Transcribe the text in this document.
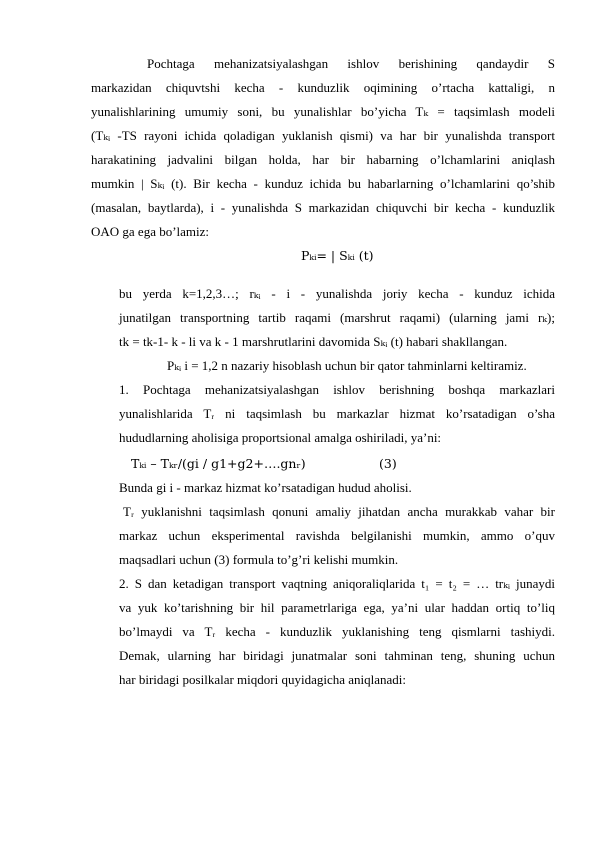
Pochtaga mehanizatsiyalashgan ishlov berishining qandaydir S

markazidan chiquvtshi kecha - kunduzlik oqimining o’rtacha kattaligi, n

yunalishlarining umumiy soni, bu yunalishlar bo’yicha Tₖ = taqsimlash modeli

(Tₖᵢ -TS rayoni ichida qoladigan yuklanish qismi) va har bir yunalishda transport

harakatining jadvalini bilgan holda, har bir habarning o’lchamlarini aniqlash

mumkin | Sₖᵢ (t). Bir kecha - kunduz ichida bu habarlarning o’lchamlarini qo’shib

(masalan, baytlarda), i - yunalishda S markazidan chiquvchi bir kecha - kunduzlik

OAO ga ega bo’lamiz:

Pₖᵢ= | Sₖᵢ (t)

bu yerda k=1,2,3…; rₖᵢ - i - yunalishda joriy kecha - kunduz ichida

junatilgan transportning tartib raqami (marshrut raqami) (ularning jami rₖ);

tk = tk-1- k - li va k - 1 marshrutlarini davomida Sₖᵢ (t) habari shakllangan.

Pₖᵢ i = 1,2 n nazariy hisoblash uchun bir qator tahminlarni keltiramiz.

1. Pochtaga mehanizatsiyalashgan ishlov berishning boshqa markazlari

yunalishlarida Tᵣ ni taqsimlash bu markazlar hizmat ko’rsatadigan o’sha

hududlarning aholisiga proportsional amalga oshiriladi, ya’ni:

Tₖᵢ – Tₖᵣ/(gi / g1+g2+….gnᵣ)	(3)

Bunda gi i - markaz hizmat ko’rsatadigan hudud aholisi.

Tᵣ yuklanishni taqsimlash qonuni amaliy jihatdan ancha murakkab vahar bir

markaz uchun eksperimental ravishda belgilanishi mumkin, ammo o’quv

maqsadlari uchun (3) formula to’g’ri kelishi mumkin.

2. S dan ketadigan transport vaqtning aniqoraliqlarida t₁ = t₂ = … trₖᵢ junaydi

va yuk ko’tarishning bir hil parametrlariga ega, ya’ni ular haddan ortiq to’liq

bo’lmaydi va Tᵣ kecha - kunduzlik yuklanishing teng qismlarni tashiydi.

Demak, ularning har biridagi junatmalar soni tahminan teng, shuning uchun

har biridagi posilkalar miqdori quyidagicha aniqlanadi:
